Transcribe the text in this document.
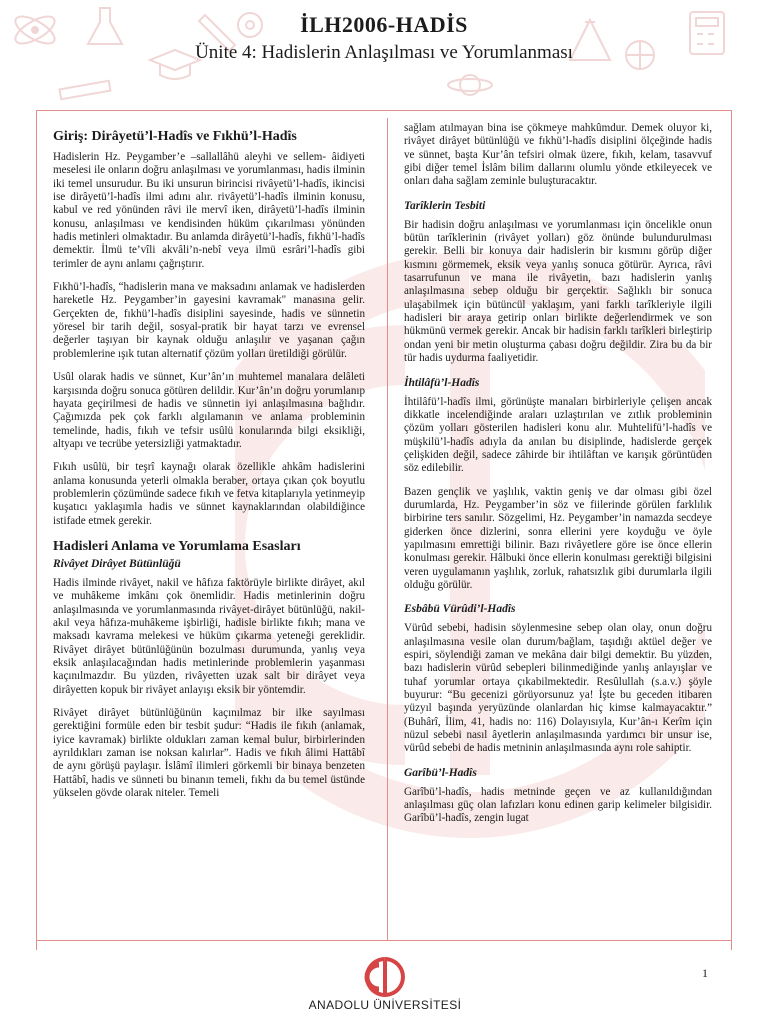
İLH2006-HADİS
Ünite 4: Hadislerin Anlaşılması ve Yorumlanması
Giriş: Dirâyetü’l-Hadîs ve Fıkhü’l-Hadîs

Hadislerin Hz. Peygamber’e –sallallâhü aleyhi ve sellem- âidiyeti meselesi ile onların doğru anlaşılması ve yorumlanması, hadis ilminin iki temel unsurudur. Bu iki unsurun birincisi rivâyetü’l-hadîs, ikincisi ise dirâyetü’l-hadîs ilmi adını alır. rivâyetü’l-hadîs ilminin konusu, kabul ve red yönünden râvi ile mervî iken, dirâyetü’l-hadîs ilminin konusu, anlaşılması ve kendisinden hüküm çıkarılması yönünden hadis metinleri olmaktadır. Bu anlamda dirâyetü’l-hadîs, fıkhü’l-hadîs demektir. İlmü te’vîli akvâli’n-nebî veya ilmü esrâri’l-hadîs gibi terimler de aynı anlamı çağrıştırır.

Fıkhü’l-hadîs, “hadislerin mana ve maksadını anlamak ve hadislerden hareketle Hz. Peygamber’in gayesini kavramak" manasına gelir. Gerçekten de, fıkhü’l-hadîs disiplini sayesinde, hadis ve sünnetin yöresel bir tarih değil, sosyal-pratik bir hayat tarzı ve evrensel değerler taşıyan bir kaynak olduğu anlaşılır ve yaşanan çağın problemlerine ışık tutan alternatif çözüm yolları üretildiği görülür.

Usûl olarak hadis ve sünnet, Kur’ân’ın muhtemel manalara delâleti karşısında doğru sonuca götüren delildir. Kur’ân’ın doğru yorumlanıp hayata geçirilmesi de hadis ve sünnetin iyi anlaşılmasına bağlıdır. Çağımızda pek çok farklı algılamanın ve anlama probleminin temelinde, hadis, fıkıh ve tefsir usûlü konularında bilgi eksikliği, altyapı ve tecrübe yetersizliği yatmaktadır.

Fıkıh usûlü, bir teşrî kaynağı olarak özellikle ahkâm hadislerini anlama konusunda yeterli olmakla beraber, ortaya çıkan çok boyutlu problemlerin çözümünde sadece fıkıh ve fetva kitaplarıyla yetinmeyip kuşatıcı yaklaşımla hadis ve sünnet kaynaklarından olabildiğince istifade etmek gerekir.

Hadisleri Anlama ve Yorumlama Esasları
Rivâyet Dirâyet Bütünlüğü

Hadis ilminde rivâyet, nakil ve hâfıza faktörüyle birlikte dirâyet, akıl ve muhâkeme imkânı çok önemlidir. Hadis metinlerinin doğru anlaşılmasında ve yorumlanmasında rivâyet-dirâyet bütünlüğü, nakil-akıl veya hâfıza-muhâkeme işbirliği, hadisle birlikte fıkıh; mana ve maksadı kavrama melekesi ve hüküm çıkarma yeteneği gereklidir. Rivâyet dirâyet bütünlüğünün bozulması durumunda, yanlış veya eksik anlaşılacağından hadis metinlerinde problemlerin yaşanması kaçınılmazdır. Bu yüzden, rivâyetten uzak salt bir dirâyet veya dirâyetten kopuk bir rivâyet anlayışı eksik bir yöntemdir.

Rivâyet dirâyet bütünlüğünün kaçınılmaz bir ilke sayılması gerektiğini formüle eden bir tesbit şudur: “Hadis ile fıkıh (anlamak, iyice kavramak) birlikte oldukları zaman kemal bulur, birbirlerinden ayrıldıkları zaman ise noksan kalırlar”. Hadis ve fıkıh âlimi Hattâbî de aynı görüşü paylaşır. İslâmî ilimleri görkemli bir binaya benzeten Hattâbî, hadis ve sünneti bu binanın temeli, fıkhı da bu temel üstünde yükselen gövde olarak niteler. Temeli

sağlam atılmayan bina ise çökmeye mahkûmdur. Demek oluyor ki, rivâyet dirâyet bütünlüğü ve fıkhü’l-hadîs disiplini ölçeğinde hadis ve sünnet, başta Kur’ân tefsiri olmak üzere, fıkıh, kelam, tasavvuf gibi diğer temel İslâm bilim dallarını olumlu yönde etkileyecek ve onları daha sağlam zeminle buluşturacaktır.

Tarîklerin Tesbiti

Bir hadisin doğru anlaşılması ve yorumlanması için öncelikle onun bütün tarîklerinin (rivâyet yolları) göz önünde bulundurulması gerekir. Belli bir konuya dair hadislerin bir kısmını görüp diğer kısmını görmemek, eksik veya yanlış sonuca götürür. Ayrıca, râvi tasarrufunun ve mana ile rivâyetin, bazı hadislerin yanlış anlaşılmasına sebep olduğu bir gerçektir. Sağlıklı bir sonuca ulaşabilmek için bütüncül yaklaşım, yani farklı tarîkleriyle ilgili hadisleri bir araya getirip onları birlikte değerlendirmek ve son hükmünü vermek gerekir. Ancak bir hadisin farklı tarîkleri birleştirip ondan yeni bir metin oluşturma çabası doğru değildir. Zira bu da bir tür hadis uydurma faaliyetidir.

İhtilâfü’l-Hadîs

İhtilâfü’l-hadîs ilmi, görünüşte manaları birbirleriyle çelişen ancak dikkatle incelendiğinde araları uzlaştırılan ve zıtlık probleminin çözüm yolları gösterilen hadisleri konu alır. Muhtelifü’l-hadîs ve müşkilü’l-hadîs adıyla da anılan bu disiplinde, hadislerde gerçek çelişkiden değil, sadece zâhirde bir ihtilâftan ve karışık görüntüden söz edilebilir.

Bazen gençlik ve yaşlılık, vaktin geniş ve dar olması gibi özel durumlarda, Hz. Peygamber’in söz ve fiilerinde görülen farklılık birbirine ters sanılır. Sözgelimi, Hz. Peygamber’in namazda secdeye giderken önce dizlerini, sonra ellerini yere koyduğu ve öyle yapılmasını emrettiği bilinir. Bazı rivâyetlere göre ise önce ellerin konulması gerekir. Hâlbuki önce ellerin konulması gerektiği bilgisini veren uygulamanın yaşlılık, zorluk, rahatsızlık gibi durumlarla ilgili olduğu görülür.

Esbâbü Vürûdi’l-Hadîs

Vürûd sebebi, hadisin söylenmesine sebep olan olay, onun doğru anlaşılmasına vesile olan durum/bağlam, taşıdığı aktüel değer ve espiri, söylendiği zaman ve mekâna dair bilgi demektir. Bu yüzden, bazı hadislerin vürûd sebepleri bilinmediğinde yanlış anlayışlar ve tuhaf yorumlar ortaya çıkabilmektedir. Resûlullah (s.a.v.) şöyle buyurur: “Bu gecenizi görüyorsunuz ya! İşte bu geceden itibaren yüzyıl başında yeryüzünde olanlardan hiç kimse kalmayacaktır.” (Buhârî, İlim, 41, hadis no: 116) Dolayısıyla, Kur’ân-ı Kerîm için nüzul sebebi nasıl âyetlerin anlaşılmasında yardımcı bir unsur ise, vürûd sebebi de hadis metninin anlaşılmasında aynı role sahiptir.

Garîbü’l-Hadîs

Garîbü’l-hadîs, hadis metninde geçen ve az kullanıldığından anlaşılması güç olan lafızları konu edinen garip kelimeler bilgisidir. Garîbü’l-hadîs, zengin lugat

1
ANADOLU ÜNİVERSİTESİ
